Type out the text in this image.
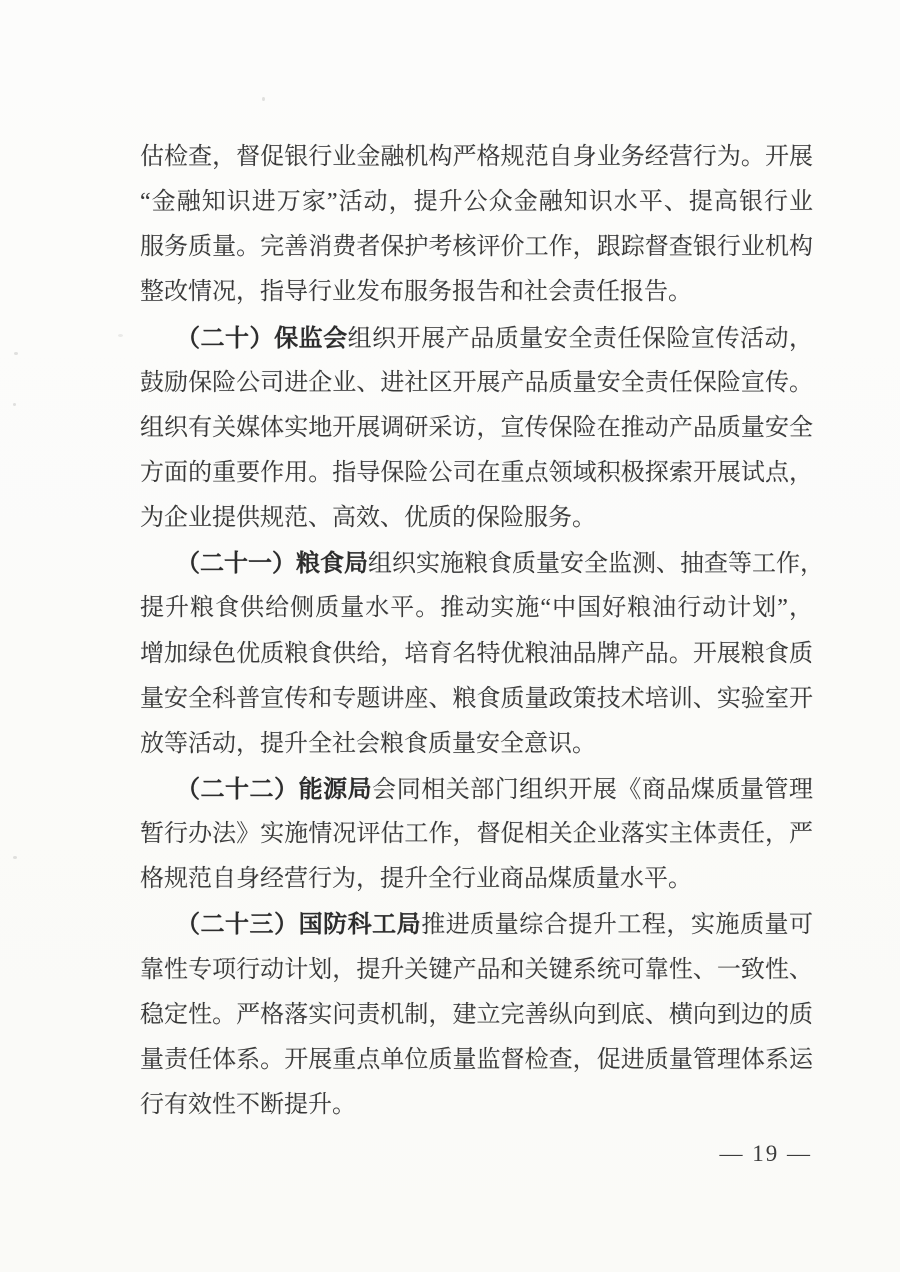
估检查，督促银行业金融机构严格规范自身业务经营行为。开展
“金融知识进万家”活动，提升公众金融知识水平、提高银行业
服务质量。完善消费者保护考核评价工作，跟踪督查银行业机构
整改情况，指导行业发布服务报告和社会责任报告。
（二十）保监会组织开展产品质量安全责任保险宣传活动，
鼓励保险公司进企业、进社区开展产品质量安全责任保险宣传。
组织有关媒体实地开展调研采访，宣传保险在推动产品质量安全
方面的重要作用。指导保险公司在重点领域积极探索开展试点，
为企业提供规范、高效、优质的保险服务。
（二十一）粮食局组织实施粮食质量安全监测、抽查等工作，
提升粮食供给侧质量水平。推动实施“中国好粮油行动计划”，
增加绿色优质粮食供给，培育名特优粮油品牌产品。开展粮食质
量安全科普宣传和专题讲座、粮食质量政策技术培训、实验室开
放等活动，提升全社会粮食质量安全意识。
（二十二）能源局会同相关部门组织开展《商品煤质量管理
暂行办法》实施情况评估工作，督促相关企业落实主体责任，严
格规范自身经营行为，提升全行业商品煤质量水平。
（二十三）国防科工局推进质量综合提升工程，实施质量可
靠性专项行动计划，提升关键产品和关键系统可靠性、一致性、
稳定性。严格落实问责机制，建立完善纵向到底、横向到边的质
量责任体系。开展重点单位质量监督检查，促进质量管理体系运
行有效性不断提升。
— 19 —
